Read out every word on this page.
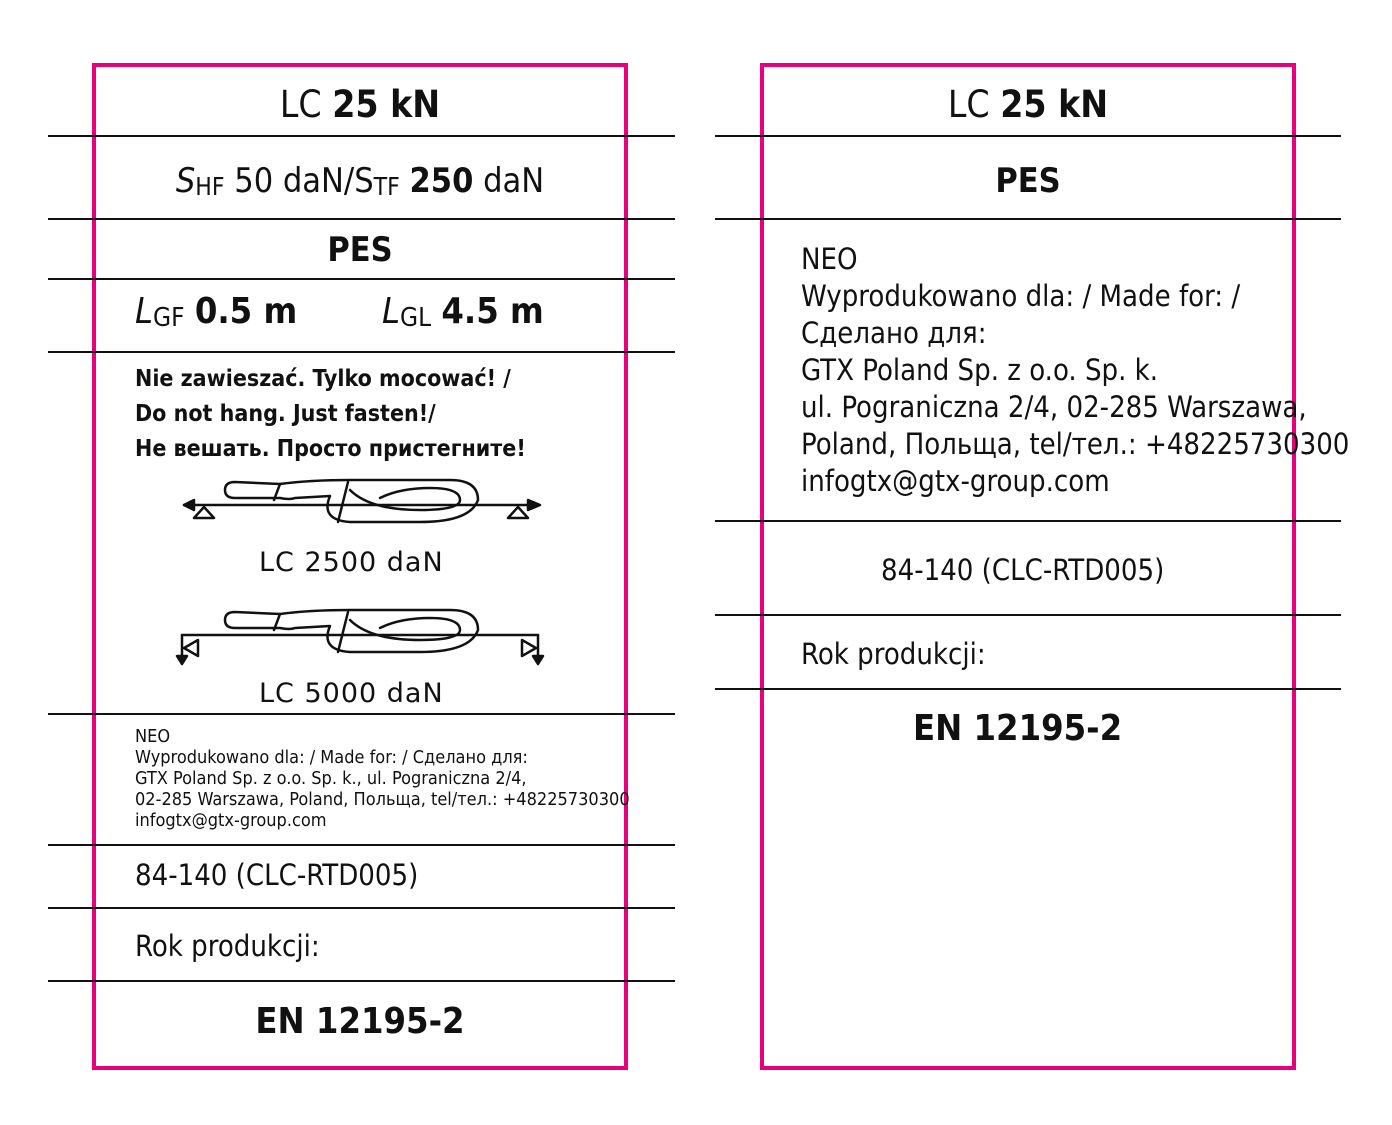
LC 25 kN
SHF 50 daN/STF 250 daN
PES
LGF 0.5 m LGL 4.5 m
Nie zawieszać. Tylko mocować! /
Do not hang. Just fasten!/
Не вешать. Просто пристегните!
LC 2500 daN
LC 5000 daN
NEO
Wyprodukowano dla: / Made for: / Сделано для:
GTX Poland Sp. z o.o. Sp. k., ul. Pograniczna 2/4,
02-285 Warszawa, Poland, Польща, tel/тел.: +48225730300
infogtx@gtx-group.com
84-140 (CLC-RTD005)
Rok produkcji:
EN 12195-2
LC 25 kN
PES
NEO
Wyprodukowano dla: / Made for: /
Сделано для:
GTX Poland Sp. z o.o. Sp. k.
ul. Pograniczna 2/4, 02-285 Warszawa,
Poland, Польща, tel/тел.: +48225730300
infogtx@gtx-group.com
84-140 (CLC-RTD005)
Rok produkcji:
EN 12195-2
